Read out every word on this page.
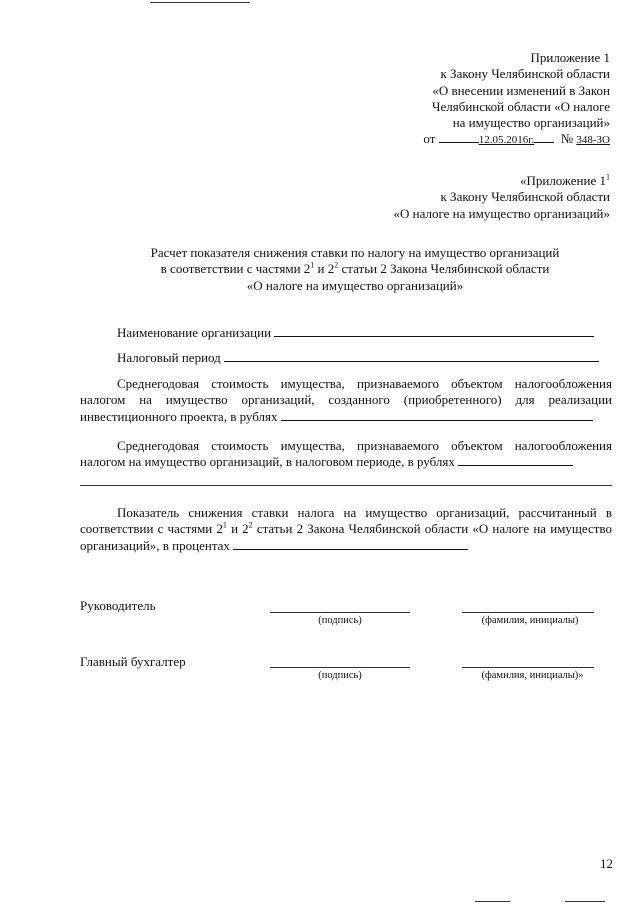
Приложение 1
к Закону Челябинской области
«О внесении изменений в Закон
Челябинской области «О налоге
на имущество организаций»
от	12.05.2016г. № 348-ЗО
«Приложение $1^1$
к Закону Челябинской области
«О налоге на имущество организаций»
Расчет показателя снижения ставки по налогу на имущество организаций
в соответствии с частями $2^1$ и $2^2$ статьи 2 Закона Челябинской области
«О налоге на имущество организаций»
Наименование организации
Налоговый период
Среднегодовая стоимость имущества, признаваемого объектом налогообложения налогом на имущество организаций, созданного (приобретенного) для реализации инвестиционного проекта, в рублях
Среднегодовая стоимость имущества, признаваемого объектом налогообложения налогом на имущество организаций, в налоговом периоде, в рублях
Показатель снижения ставки налога на имущество организаций, рассчитанный в соответствии с частями $2^1$ и $2^2$ статьи 2 Закона Челябинской области «О налоге на имущество организаций», в процентах
Руководитель
(подпись)	(фамилия, инициалы)
Главный бухгалтер
(подпись)	(фамилия, инициалы)»
12
